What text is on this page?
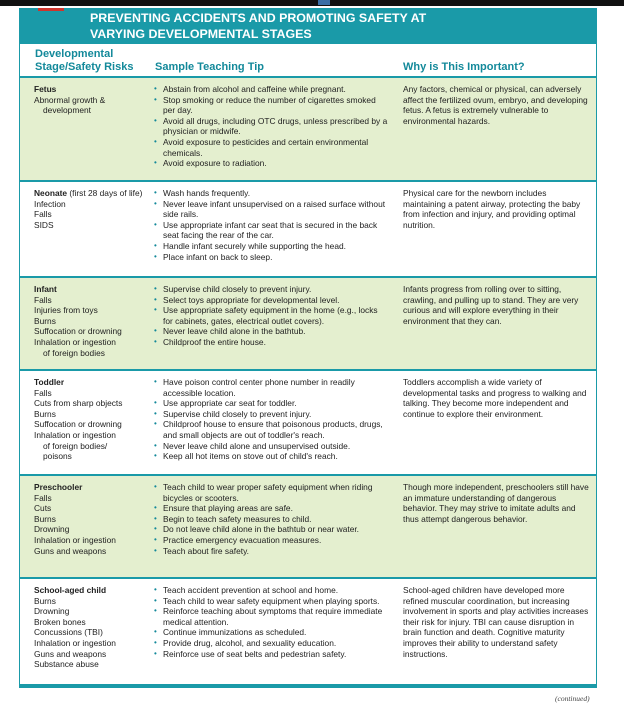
PREVENTING ACCIDENTS AND PROMOTING SAFETY AT
VARYING DEVELOPMENTAL STAGES
Developmental
Stage/Safety Risks	Sample Teaching Tip	Why is This Important?
Fetus
Abnormal growth &
development
• Abstain from alcohol and caffeine while pregnant.
• Stop smoking or reduce the number of cigarettes smoked per day.
• Avoid all drugs, including OTC drugs, unless prescribed by a physician or midwife.
• Avoid exposure to pesticides and certain environmental chemicals.
• Avoid exposure to radiation.
Any factors, chemical or physical, can adversely affect the fertilized ovum, embryo, and developing fetus. A fetus is extremely vulnerable to environmental hazards.
Neonate (first 28 days of life)
Infection
Falls
SIDS
• Wash hands frequently.
• Never leave infant unsupervised on a raised surface without side rails.
• Use appropriate infant car seat that is secured in the back seat facing the rear of the car.
• Handle infant securely while supporting the head.
• Place infant on back to sleep.
Physical care for the newborn includes maintaining a patent airway, protecting the baby from infection and injury, and providing optimal nutrition.
Infant
Falls
Injuries from toys
Burns
Suffocation or drowning
Inhalation or ingestion
of foreign bodies
• Supervise child closely to prevent injury.
• Select toys appropriate for developmental level.
• Use appropriate safety equipment in the home (e.g., locks for cabinets, gates, electrical outlet covers).
• Never leave child alone in the bathtub.
• Childproof the entire house.
Infants progress from rolling over to sitting, crawling, and pulling up to stand. They are very curious and will explore everything in their environment that they can.
Toddler
Falls
Cuts from sharp objects
Burns
Suffocation or drowning
Inhalation or ingestion
of foreign bodies/
poisons
• Have poison control center phone number in readily accessible location.
• Use appropriate car seat for toddler.
• Supervise child closely to prevent injury.
• Childproof house to ensure that poisonous products, drugs, and small objects are out of toddler's reach.
• Never leave child alone and unsupervised outside.
• Keep all hot items on stove out of child's reach.
Toddlers accomplish a wide variety of developmental tasks and progress to walking and talking. They become more independent and continue to explore their environment.
Preschooler
Falls
Cuts
Burns
Drowning
Inhalation or ingestion
Guns and weapons
• Teach child to wear proper safety equipment when riding bicycles or scooters.
• Ensure that playing areas are safe.
• Begin to teach safety measures to child.
• Do not leave child alone in the bathtub or near water.
• Practice emergency evacuation measures.
• Teach about fire safety.
Though more independent, preschoolers still have an immature understanding of dangerous behavior. They may strive to imitate adults and thus attempt dangerous behavior.
School-aged child
Burns
Drowning
Broken bones
Concussions (TBI)
Inhalation or ingestion
Guns and weapons
Substance abuse
• Teach accident prevention at school and home.
• Teach child to wear safety equipment when playing sports.
• Reinforce teaching about symptoms that require immediate medical attention.
• Continue immunizations as scheduled.
• Provide drug, alcohol, and sexuality education.
• Reinforce use of seat belts and pedestrian safety.
School-aged children have developed more refined muscular coordination, but increasing involvement in sports and play activities increases their risk for injury. TBI can cause disruption in brain function and death. Cognitive maturity improves their ability to understand safety instructions.
(continued)
